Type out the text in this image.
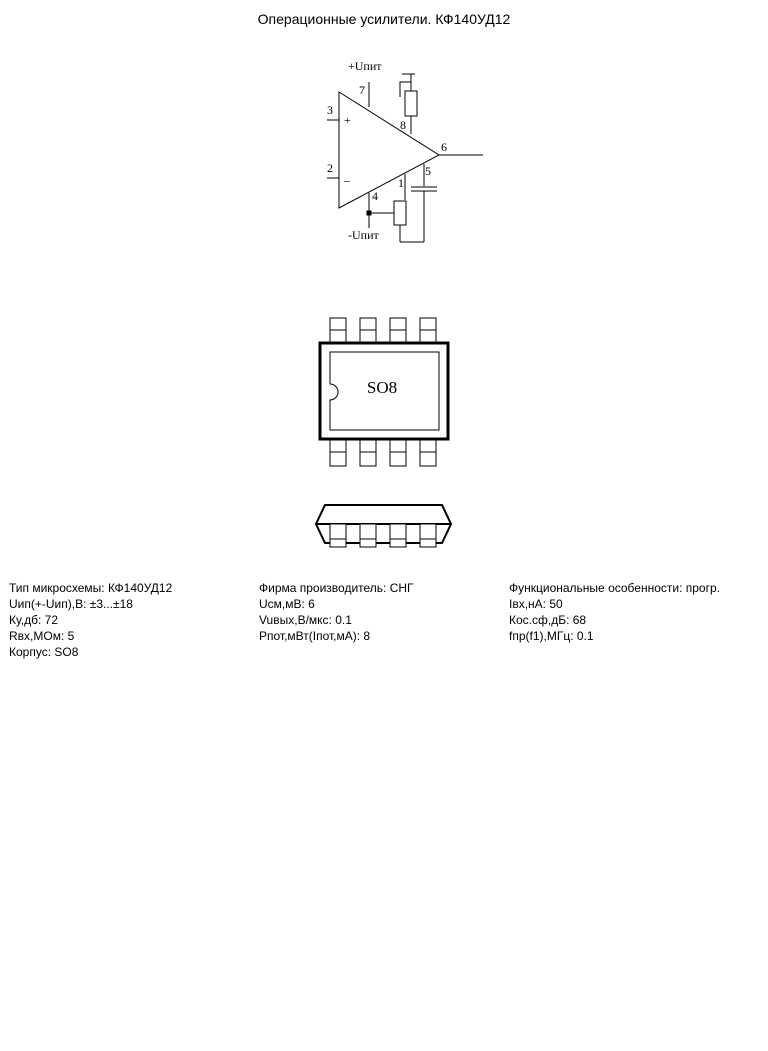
Операционные усилители. КФ140УД12
+Uпит
-Uпит
+
–
3
2
7
8
6
1
5
4
SO8
Тип микросхемы: КФ140УД12
Uип(+-Uип),В: ±3...±18
Ку,дб: 72
Rвх,МОм: 5
Корпус: SO8
Фирма производитель: СНГ
Uсм,мВ: 6
Vuвых,В/мкс: 0.1
Pпот,мВт(Iпот,мА): 8
Функциональные особенности: прогр.
Iвх,нА: 50
Кос.сф,дБ: 68
fпр(f1),МГц: 0.1
